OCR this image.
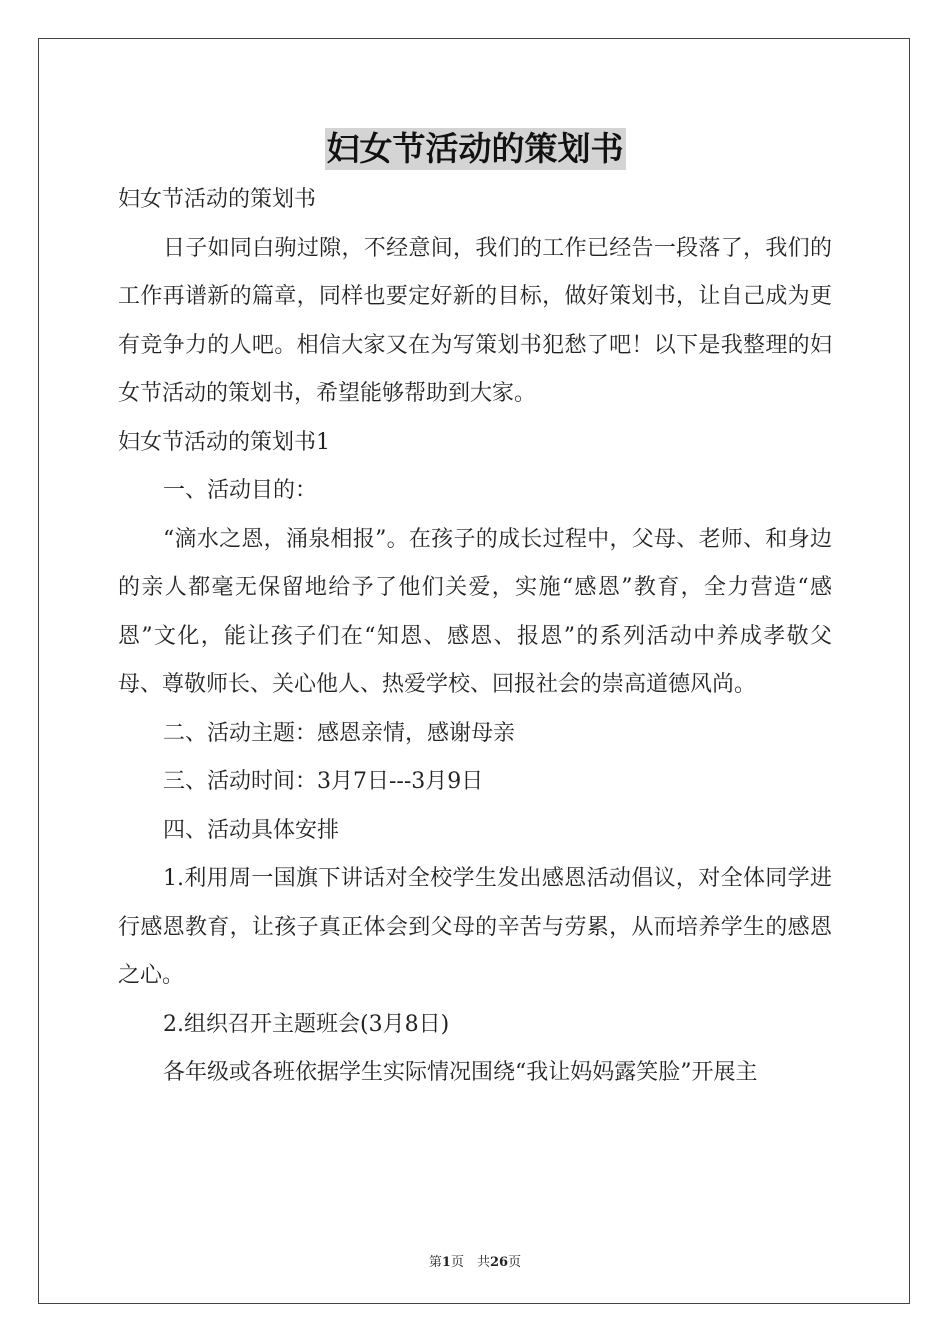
妇女节活动的策划书

妇女节活动的策划书

日子如同白驹过隙，不经意间，我们的工作已经告一段落了，我们的工作再谱新的篇章，同样也要定好新的目标，做好策划书，让自己成为更有竞争力的人吧。相信大家又在为写策划书犯愁了吧！以下是我整理的妇女节活动的策划书，希望能够帮助到大家。

妇女节活动的策划书1

一、活动目的：

“滴水之恩，涌泉相报”。在孩子的成长过程中，父母、老师、和身边的亲人都毫无保留地给予了他们关爱，实施“感恩”教育，全力营造“感恩”文化，能让孩子们在“知恩、感恩、报恩”的系列活动中养成孝敬父母、尊敬师长、关心他人、热爱学校、回报社会的崇高道德风尚。

二、活动主题：感恩亲情，感谢母亲

三、活动时间：3月7日---3月9日

四、活动具体安排

1.利用周一国旗下讲话对全校学生发出感恩活动倡议，对全体同学进行感恩教育，让孩子真正体会到父母的辛苦与劳累，从而培养学生的感恩之心。

2.组织召开主题班会(3月8日)

各年级或各班依据学生实际情况围绕“我让妈妈露笑脸”开展主

第1页　共26页
